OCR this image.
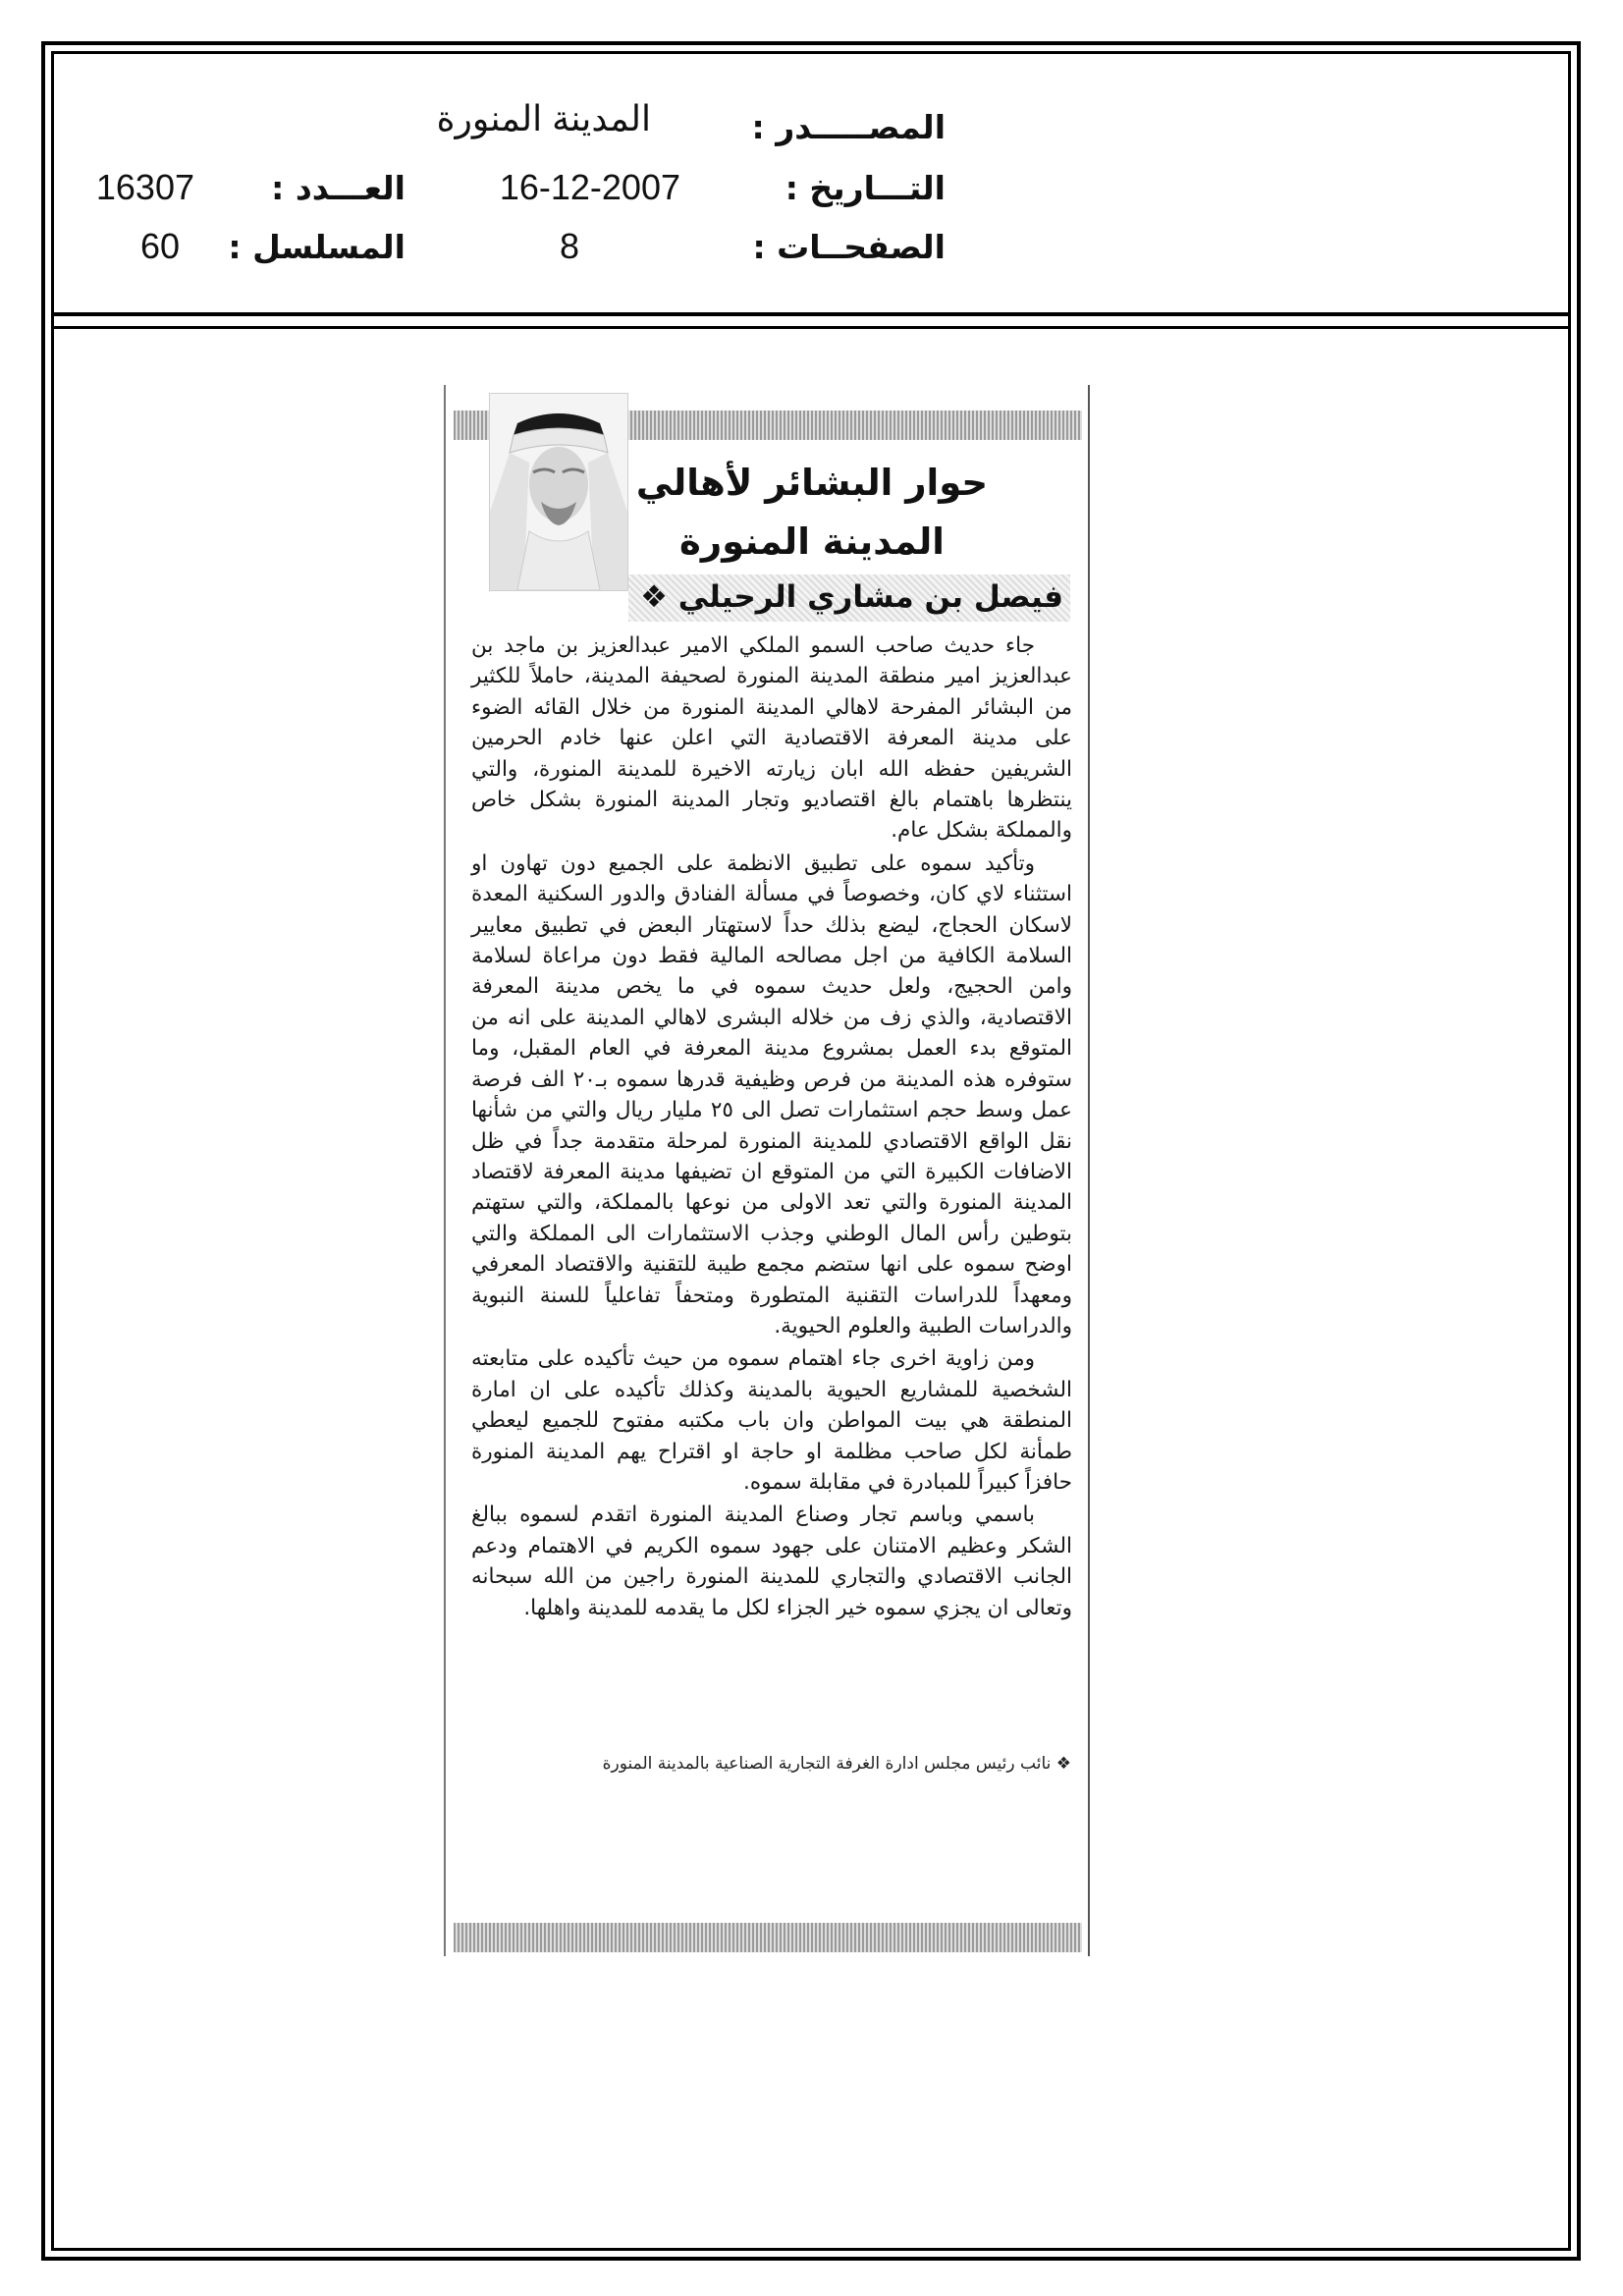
المصـــــدر :
المدينة المنورة
التـــاريخ :
16-12-2007
العـــدد :
16307
الصفحــات :
8
المسلسل :
60
حوار البشائر لأهالي
المدينة المنورة
فيصل بن مشاري الرحيلي ❖

جاء حديث صاحب السمو الملكي الامير عبدالعزيز بن ماجد بن عبدالعزيز امير منطقة المدينة المنورة لصحيفة المدينة، حاملاً للكثير من البشائر المفرحة لاهالي المدينة المنورة من خلال القائه الضوء على مدينة المعرفة الاقتصادية التي اعلن عنها خادم الحرمين الشريفين حفظه الله ابان زيارته الاخيرة للمدينة المنورة، والتي ينتظرها باهتمام بالغ اقتصاديو وتجار المدينة المنورة بشكل خاص والمملكة بشكل عام.

وتأكيد سموه على تطبيق الانظمة على الجميع دون تهاون او استثناء لاي كان، وخصوصاً في مسألة الفنادق والدور السكنية المعدة لاسكان الحجاج، ليضع بذلك حداً لاستهتار البعض في تطبيق معايير السلامة الكافية من اجل مصالحه المالية فقط دون مراعاة لسلامة وامن الحجيج، ولعل حديث سموه في ما يخص مدينة المعرفة الاقتصادية، والذي زف من خلاله البشرى لاهالي المدينة على انه من المتوقع بدء العمل بمشروع مدينة المعرفة في العام المقبل، وما ستوفره هذه المدينة من فرص وظيفية قدرها سموه بـ٢٠ الف فرصة عمل وسط حجم استثمارات تصل الى ٢٥ مليار ريال والتي من شأنها نقل الواقع الاقتصادي للمدينة المنورة لمرحلة متقدمة جداً في ظل الاضافات الكبيرة التي من المتوقع ان تضيفها مدينة المعرفة لاقتصاد المدينة المنورة والتي تعد الاولى من نوعها بالمملكة، والتي ستهتم بتوطين رأس المال الوطني وجذب الاستثمارات الى المملكة والتي اوضح سموه على انها ستضم مجمع طيبة للتقنية والاقتصاد المعرفي ومعهداً للدراسات التقنية المتطورة ومتحفاً تفاعلياً للسنة النبوية والدراسات الطبية والعلوم الحيوية.

ومن زاوية اخرى جاء اهتمام سموه من حيث تأكيده على متابعته الشخصية للمشاريع الحيوية بالمدينة وكذلك تأكيده على ان امارة المنطقة هي بيت المواطن وان باب مكتبه مفتوح للجميع ليعطي طمأنة لكل صاحب مظلمة او حاجة او اقتراح يهم المدينة المنورة حافزاً كبيراً للمبادرة في مقابلة سموه.

باسمي وباسم تجار وصناع المدينة المنورة اتقدم لسموه ببالغ الشكر وعظيم الامتنان على جهود سموه الكريم في الاهتمام ودعم الجانب الاقتصادي والتجاري للمدينة المنورة راجين من الله سبحانه وتعالى ان يجزي سموه خير الجزاء لكل ما يقدمه للمدينة واهلها.

❖ نائب رئيس مجلس ادارة الغرفة التجارية الصناعية بالمدينة المنورة
